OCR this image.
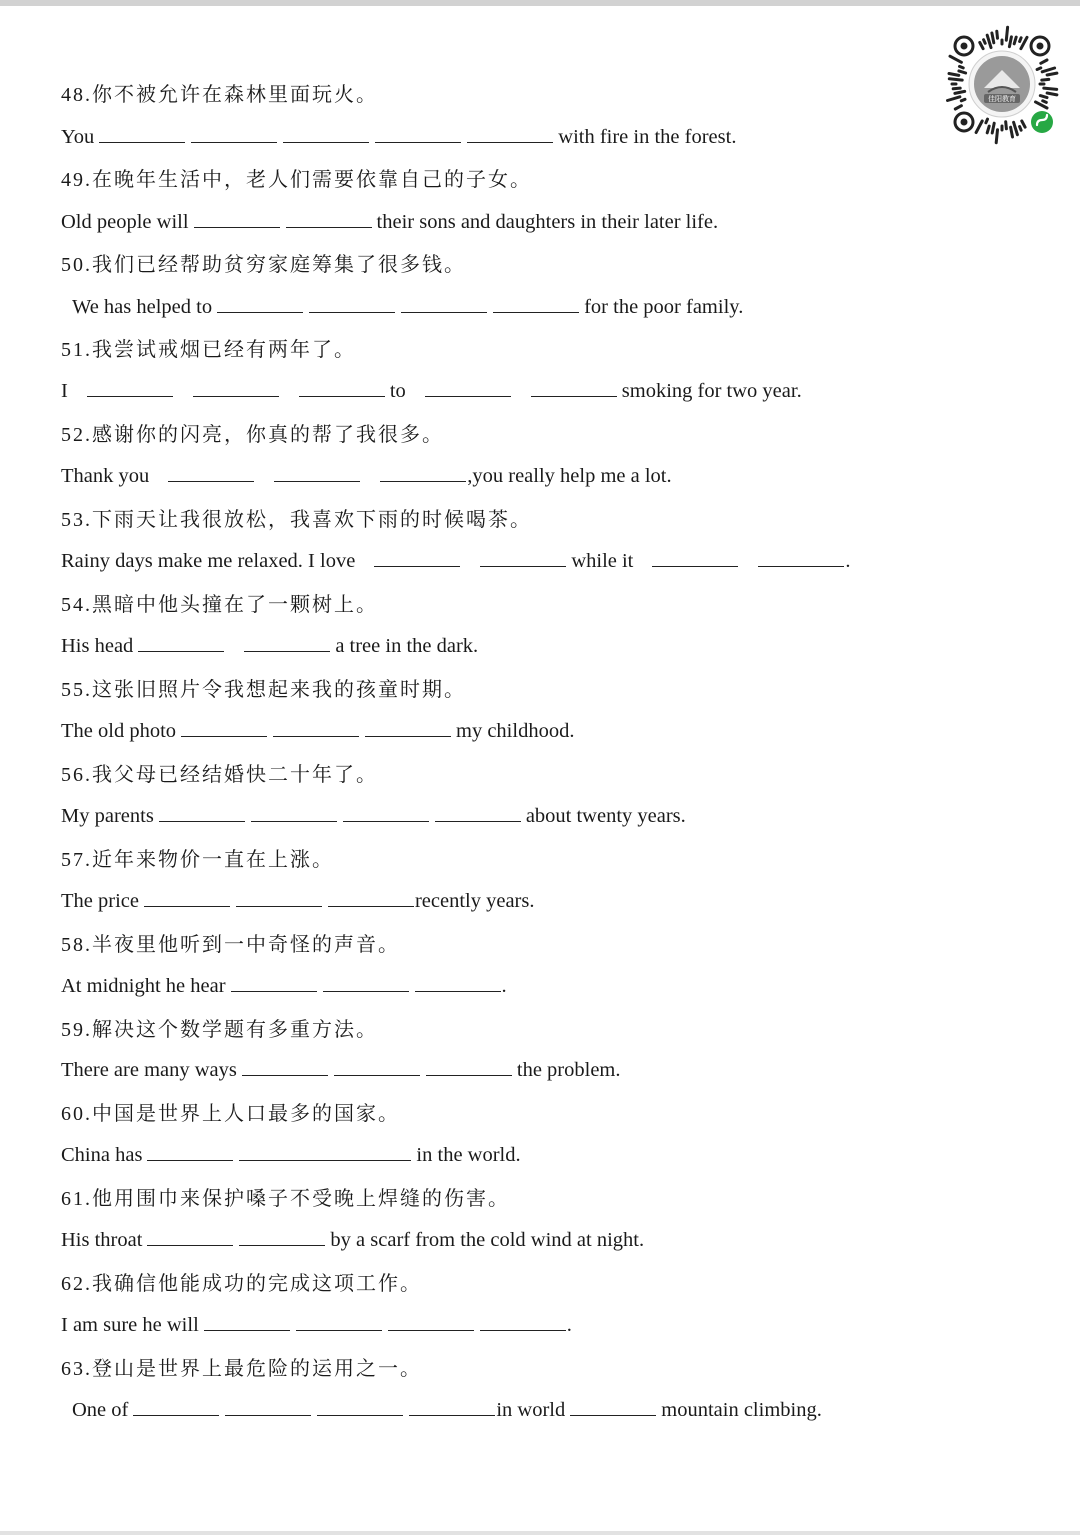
佳阳教育
48.你不被允许在森林里面玩火。
You	with fire in the forest.
49.在晚年生活中，老人们需要依靠自己的子女。
Old people will	their sons and daughters in their later life.
50.我们已经帮助贫穷家庭筹集了很多钱。
We has helped to	for the poor family.
51.我尝试戒烟已经有两年了。
I	to	smoking for two year.
52.感谢你的闪亮，你真的帮了我很多。
Thank you	,you really help me a lot.
53.下雨天让我很放松，我喜欢下雨的时候喝茶。
Rainy days make me relaxed. I love	while it	.
54.黑暗中他头撞在了一颗树上。
His head	a tree in the dark.
55.这张旧照片令我想起来我的孩童时期。
The old photo	my childhood.
56.我父母已经结婚快二十年了。
My parents	about twenty years.
57.近年来物价一直在上涨。
The price	recently years.
58.半夜里他听到一中奇怪的声音。
At midnight he hear	.
59.解决这个数学题有多重方法。
There are many ways	the problem.
60.中国是世界上人口最多的国家。
China has	in the world.
61.他用围巾来保护嗓子不受晚上焊缝的伤害。
His throat	by a scarf from the cold wind at night.
62.我确信他能成功的完成这项工作。
I am sure he will	.
63.登山是世界上最危险的运用之一。
One of	in world	mountain climbing.
